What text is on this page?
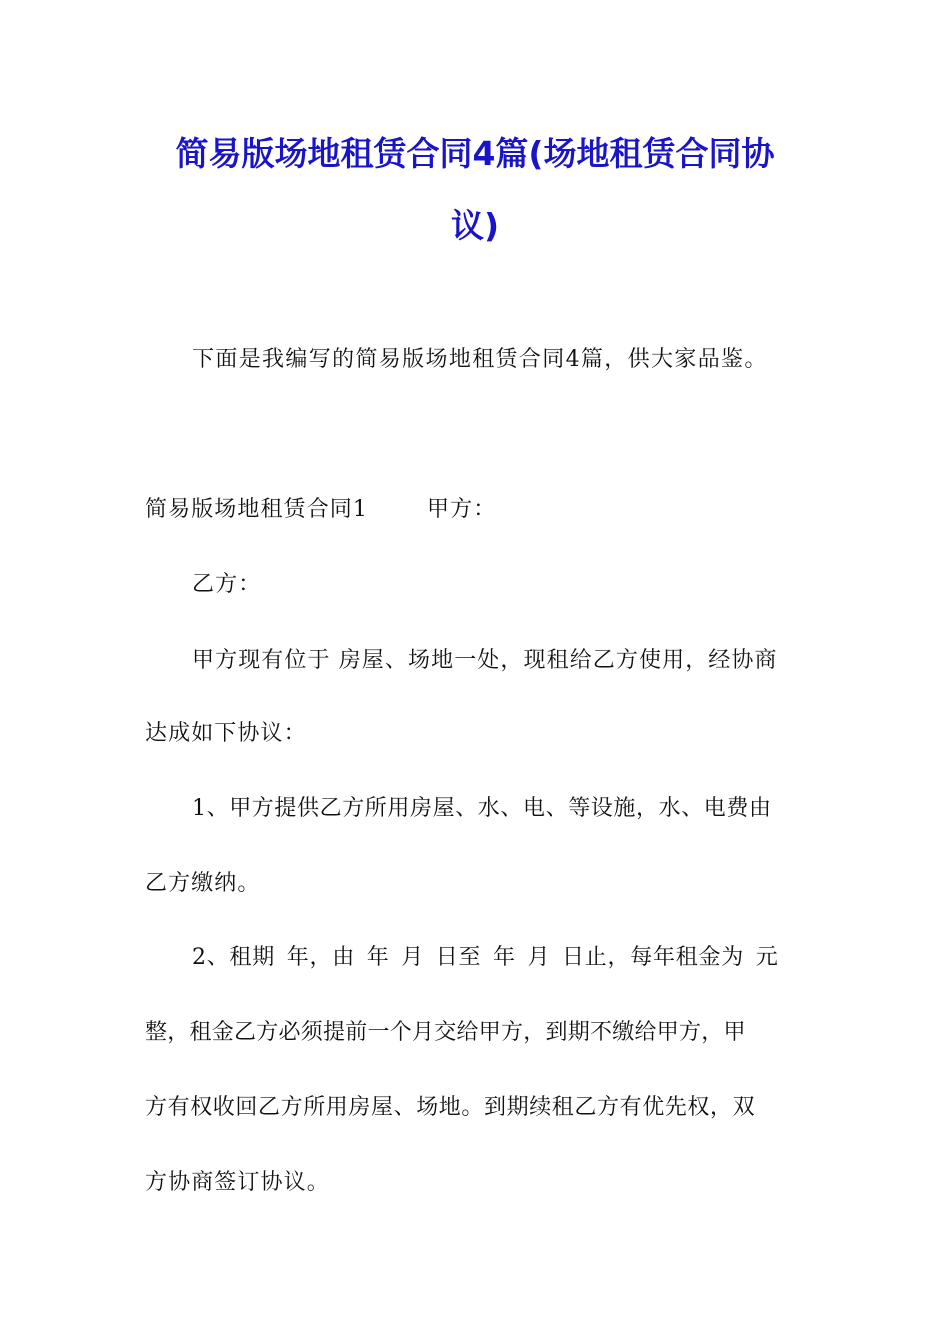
简易版场地租赁合同4篇(场地租赁合同协
议)
下面是我编写的简易版场地租赁合同4篇，供大家品鉴。
简易版场地租赁合同1	甲方：
乙方：
甲方现有位于 房屋、场地一处，现租给乙方使用，经协商
达成如下协议：
1、甲方提供乙方所用房屋、水、电、等设施，水、电费由
乙方缴纳。
2、租期 年，由 年 月 日至 年 月 日止，每年租金为 元
整，租金乙方必须提前一个月交给甲方，到期不缴给甲方，甲
方有权收回乙方所用房屋、场地。到期续租乙方有优先权，双
方协商签订协议。
